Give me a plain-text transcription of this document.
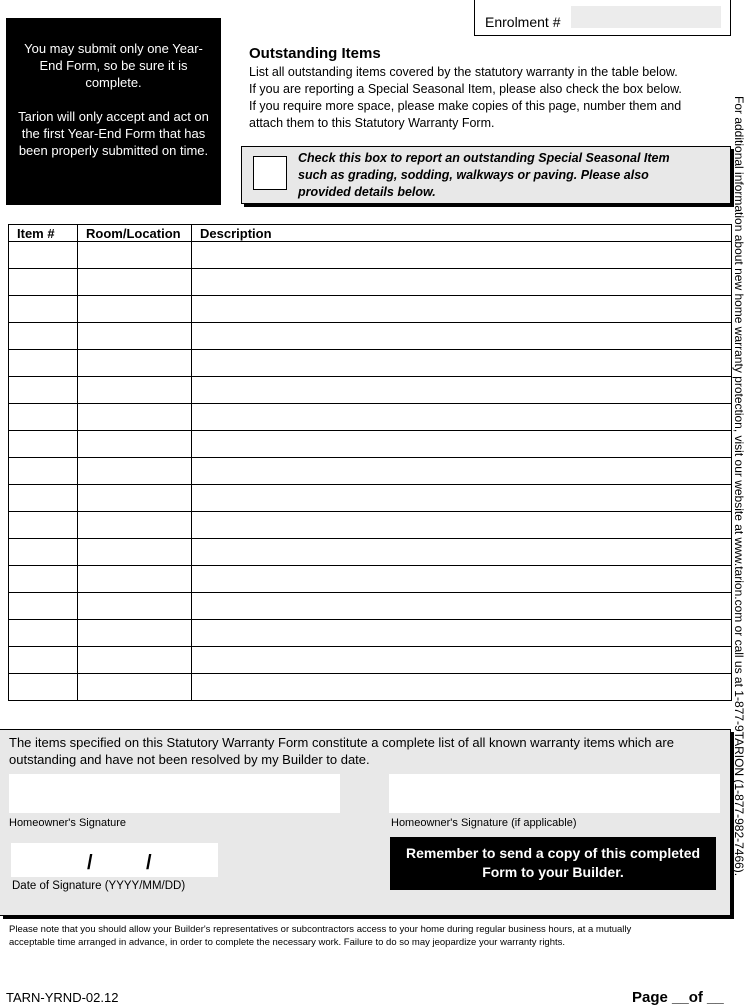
Enrolment #

You may submit only one Year-End Form, so be sure it is complete.

Tarion will only accept and act on the first Year-End Form that has been properly submitted on time.

Outstanding Items
List all outstanding items covered by the statutory warranty in the table below.
If you are reporting a Special Seasonal Item, please also check the box below.
If you require more space, please make copies of this page, number them and
attach them to this Statutory Warranty Form.
Check this box to report an outstanding Special Seasonal Item
such as grading, sodding, walkways or paving. Please also
provided details below.	For additional information about new home warranty protection, visit our website at www.tarion.com or call us at 1-877-9TARION (1-877-982-7466).
Item #	Room/Location	Description

The items specified on this Statutory Warranty Form constitute a complete list of all known warranty items which are
outstanding and have not been resolved by my Builder to date.
Homeowner's Signature	Homeowner's Signature (if applicable)
/	/
Date of Signature (YYYY/MM/DD)
Remember to send a copy of this completed
Form to your Builder.
Please note that you should allow your Builder's representatives or subcontractors access to your home during regular business hours, at a mutually
acceptable time arranged in advance, in order to complete the necessary work. Failure to do so may jeopardize your warranty rights.
TARN-YRND-02.12	Page __of __
